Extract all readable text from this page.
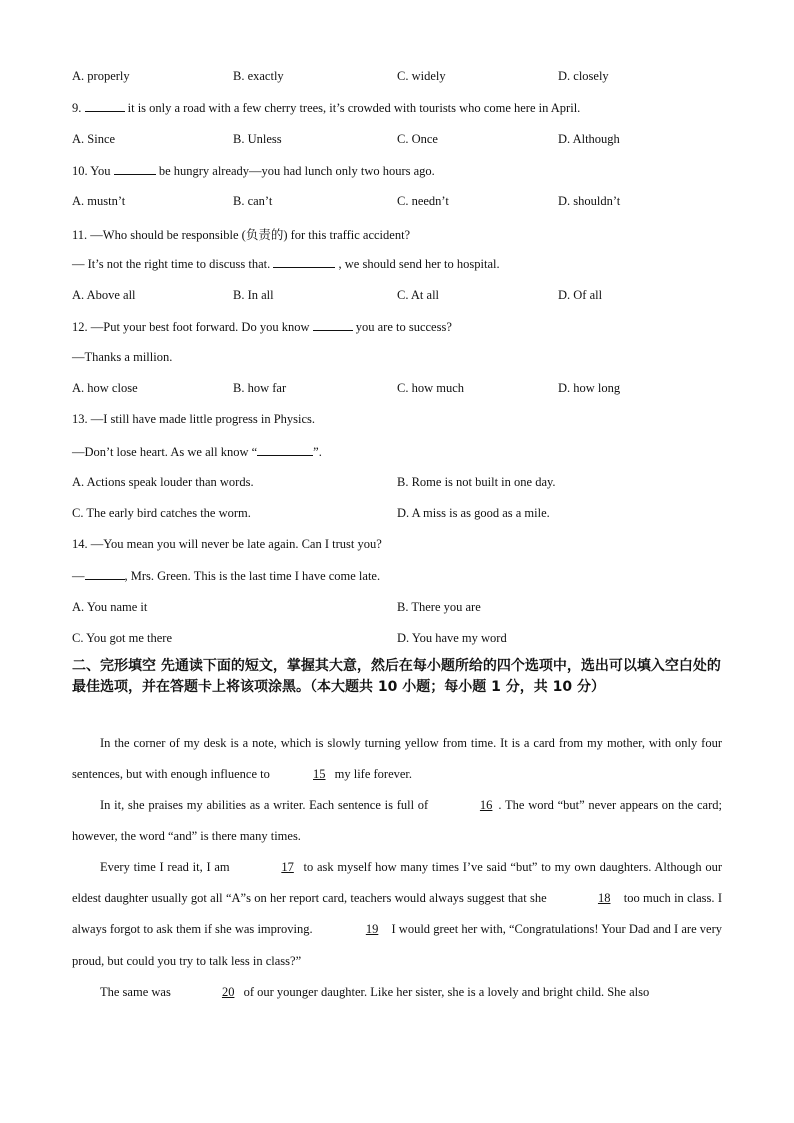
A. properly	B. exactly	C. widely	D. closely
9.	it is only a road with a few cherry trees, it’s crowded with tourists who come here in April.
A. Since	B. Unless	C. Once	D. Although
10. You	be hungry already—you had lunch only two hours ago.
A. mustn’t	B. can’t	C. needn’t	D. shouldn’t
11. —Who should be responsible (负责的) for this traffic accident?
— It’s not the right time to discuss that.	, we should send her to hospital.
A. Above all	B. In all	C. At all	D. Of all
12. —Put your best foot forward. Do you know	you are to success?
—Thanks a million.
A. how close	B. how far	C. how much	D. how long
13. —I still have made little progress in Physics.
—Don’t lose heart. As we all know “	”.
A. Actions speak louder than words.	B. Rome is not built in one day.
C. The early bird catches the worm.	D. A miss is as good as a mile.
14. —You mean you will never be late again. Can I trust you?
—	, Mrs. Green. This is the last time I have come late.
A. You name it	B. There you are
C. You got me there	D. You have my word
二、完形填空 先通读下面的短文，掌握其大意，然后在每小题所给的四个选项中，选出可以填入空白处的最佳选项，并在答题卡上将该项涂黑。（本大题共 10 小题；每小题 1 分，共 10 分）
In the corner of my desk is a note, which is slowly turning yellow from time. It is a card from my mother, with only four sentences, but with enough influence to	15 my life forever.
In it, she praises my abilities as a writer. Each sentence is full of	16 . The word “but” never appears on the card; however, the word “and” is there many times.
Every time I read it, I am	17 to ask myself how many times I’ve said “but” to my own daughters. Although our eldest daughter usually got all “A”s on her report card, teachers would always suggest that she	18 too much in class. I always forgot to ask them if she was improving.	19 I would greet her with, “Congratulations! Your Dad and I are very proud, but could you try to talk less in class?”
The same was	20 of our younger daughter. Like her sister, she is a lovely and bright child. She also
